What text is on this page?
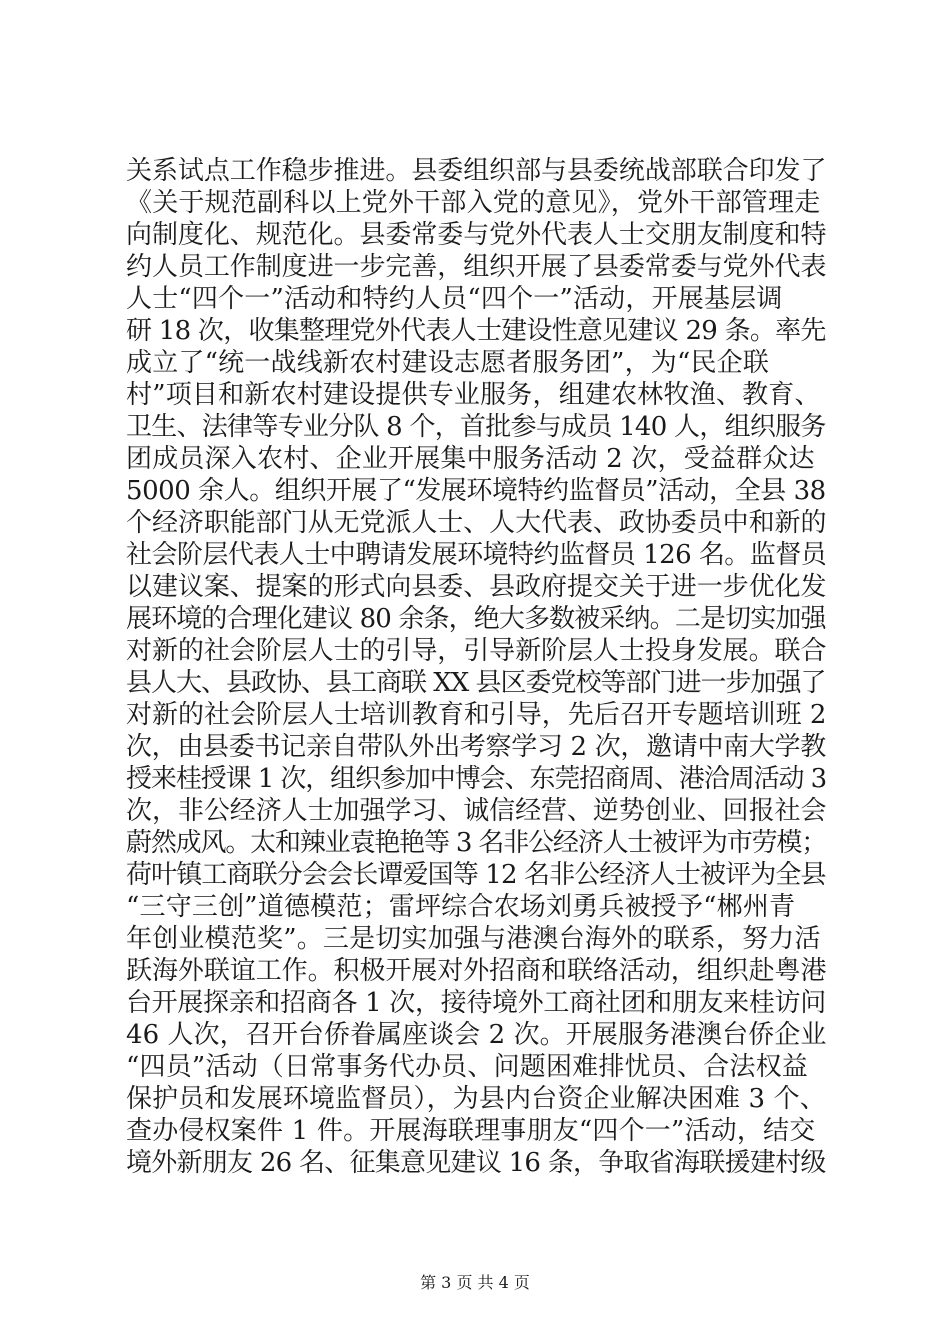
关系试点工作稳步推进。县委组织部与县委统战部联合印发了
《关于规范副科以上党外干部入党的意见》，党外干部管理走
向制度化、规范化。县委常委与党外代表人士交朋友制度和特
约人员工作制度进一步完善，组织开展了县委常委与党外代表
人士“四个一”活动和特约人员“四个一”活动，开展基层调
研 18 次，收集整理党外代表人士建设性意见建议 29 条。率先
成立了“统一战线新农村建设志愿者服务团”，为“民企联
村”项目和新农村建设提供专业服务，组建农林牧渔、教育、
卫生、法律等专业分队 8 个，首批参与成员 140 人，组织服务
团成员深入农村、企业开展集中服务活动 2 次，受益群众达
5000 余人。组织开展了“发展环境特约监督员”活动，全县 38
个经济职能部门从无党派人士、人大代表、政协委员中和新的
社会阶层代表人士中聘请发展环境特约监督员 126 名。监督员
以建议案、提案的形式向县委、县政府提交关于进一步优化发
展环境的合理化建议 80 余条，绝大多数被采纳。二是切实加强
对新的社会阶层人士的引导，引导新阶层人士投身发展。联合
县人大、县政协、县工商联 XX 县区委党校等部门进一步加强了
对新的社会阶层人士培训教育和引导，先后召开专题培训班 2
次，由县委书记亲自带队外出考察学习 2 次，邀请中南大学教
授来桂授课 1 次，组织参加中博会、东莞招商周、港洽周活动 3
次，非公经济人士加强学习、诚信经营、逆势创业、回报社会
蔚然成风。太和辣业袁艳艳等 3 名非公经济人士被评为市劳模；
荷叶镇工商联分会会长谭爱国等 12 名非公经济人士被评为全县
“三守三创”道德模范；雷坪综合农场刘勇兵被授予“郴州青
年创业模范奖”。三是切实加强与港澳台海外的联系，努力活
跃海外联谊工作。积极开展对外招商和联络活动，组织赴粤港
台开展探亲和招商各 1 次，接待境外工商社团和朋友来桂访问
46 人次，召开台侨眷属座谈会 2 次。开展服务港澳台侨企业
“四员”活动（日常事务代办员、问题困难排忧员、合法权益
保护员和发展环境监督员），为县内台资企业解决困难 3 个、
查办侵权案件 1 件。开展海联理事朋友“四个一”活动，结交
境外新朋友 26 名、征集意见建议 16 条，争取省海联援建村级
第 3 页 共 4 页
